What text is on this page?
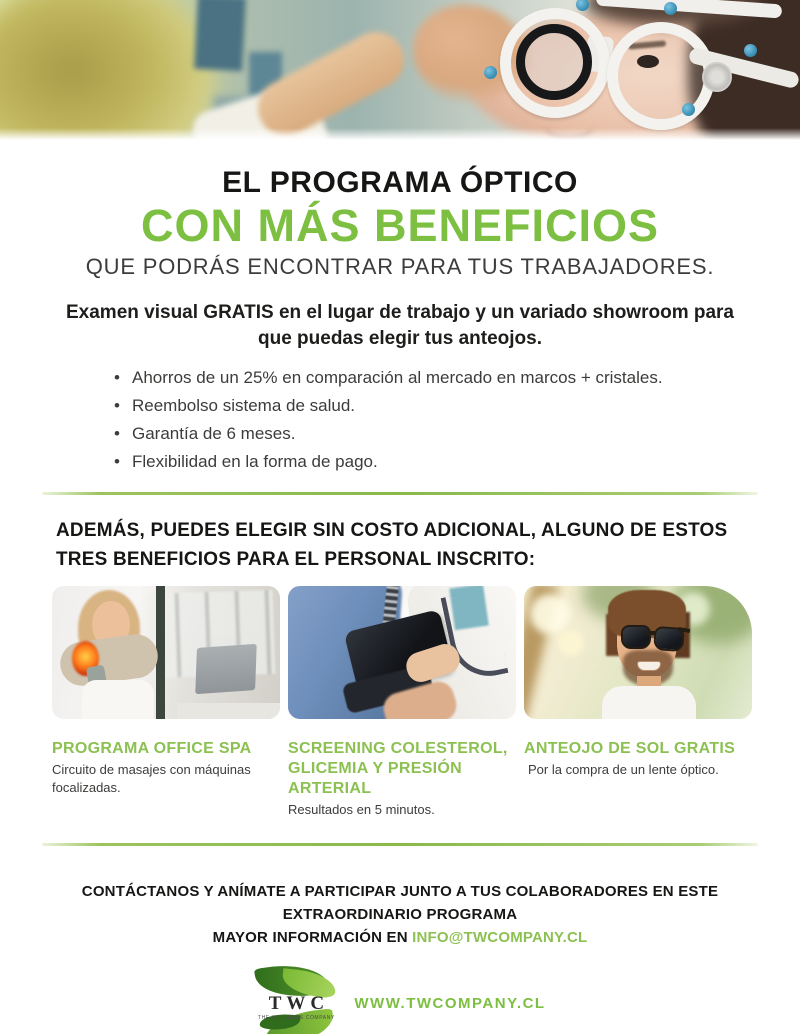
EL PROGRAMA ÓPTICO
CON MÁS BENEFICIOS
QUE PODRÁS ENCONTRAR PARA TUS TRABAJADORES.

Examen visual GRATIS en el lugar de trabajo y un variado showroom para que puedas elegir tus anteojos.

• Ahorros de un 25% en comparación al mercado en marcos + cristales.
• Reembolso sistema de salud.
• Garantía de 6 meses.
• Flexibilidad en la forma de pago.
ADEMÁS, PUEDES ELEGIR SIN COSTO ADICIONAL, ALGUNO DE ESTOS TRES BENEFICIOS PARA EL PERSONAL INSCRITO:
PROGRAMA OFFICE SPA

Circuito de masajes con máquinas focalizadas.

SCREENING COLESTEROL, GLICEMIA Y PRESIÓN ARTERIAL

Resultados en 5 minutos.

ANTEOJO DE SOL GRATIS

Por la compra de un lente óptico.

CONTÁCTANOS Y ANÍMATE A PARTICIPAR JUNTO A TUS COLABORADORES EN ESTE EXTRAORDINARIO PROGRAMA
MAYOR INFORMACIÓN EN INFO@TWCOMPANY.CL
TWC
THE WELLNESS COMPANY
WWW.TWCOMPANY.CL
